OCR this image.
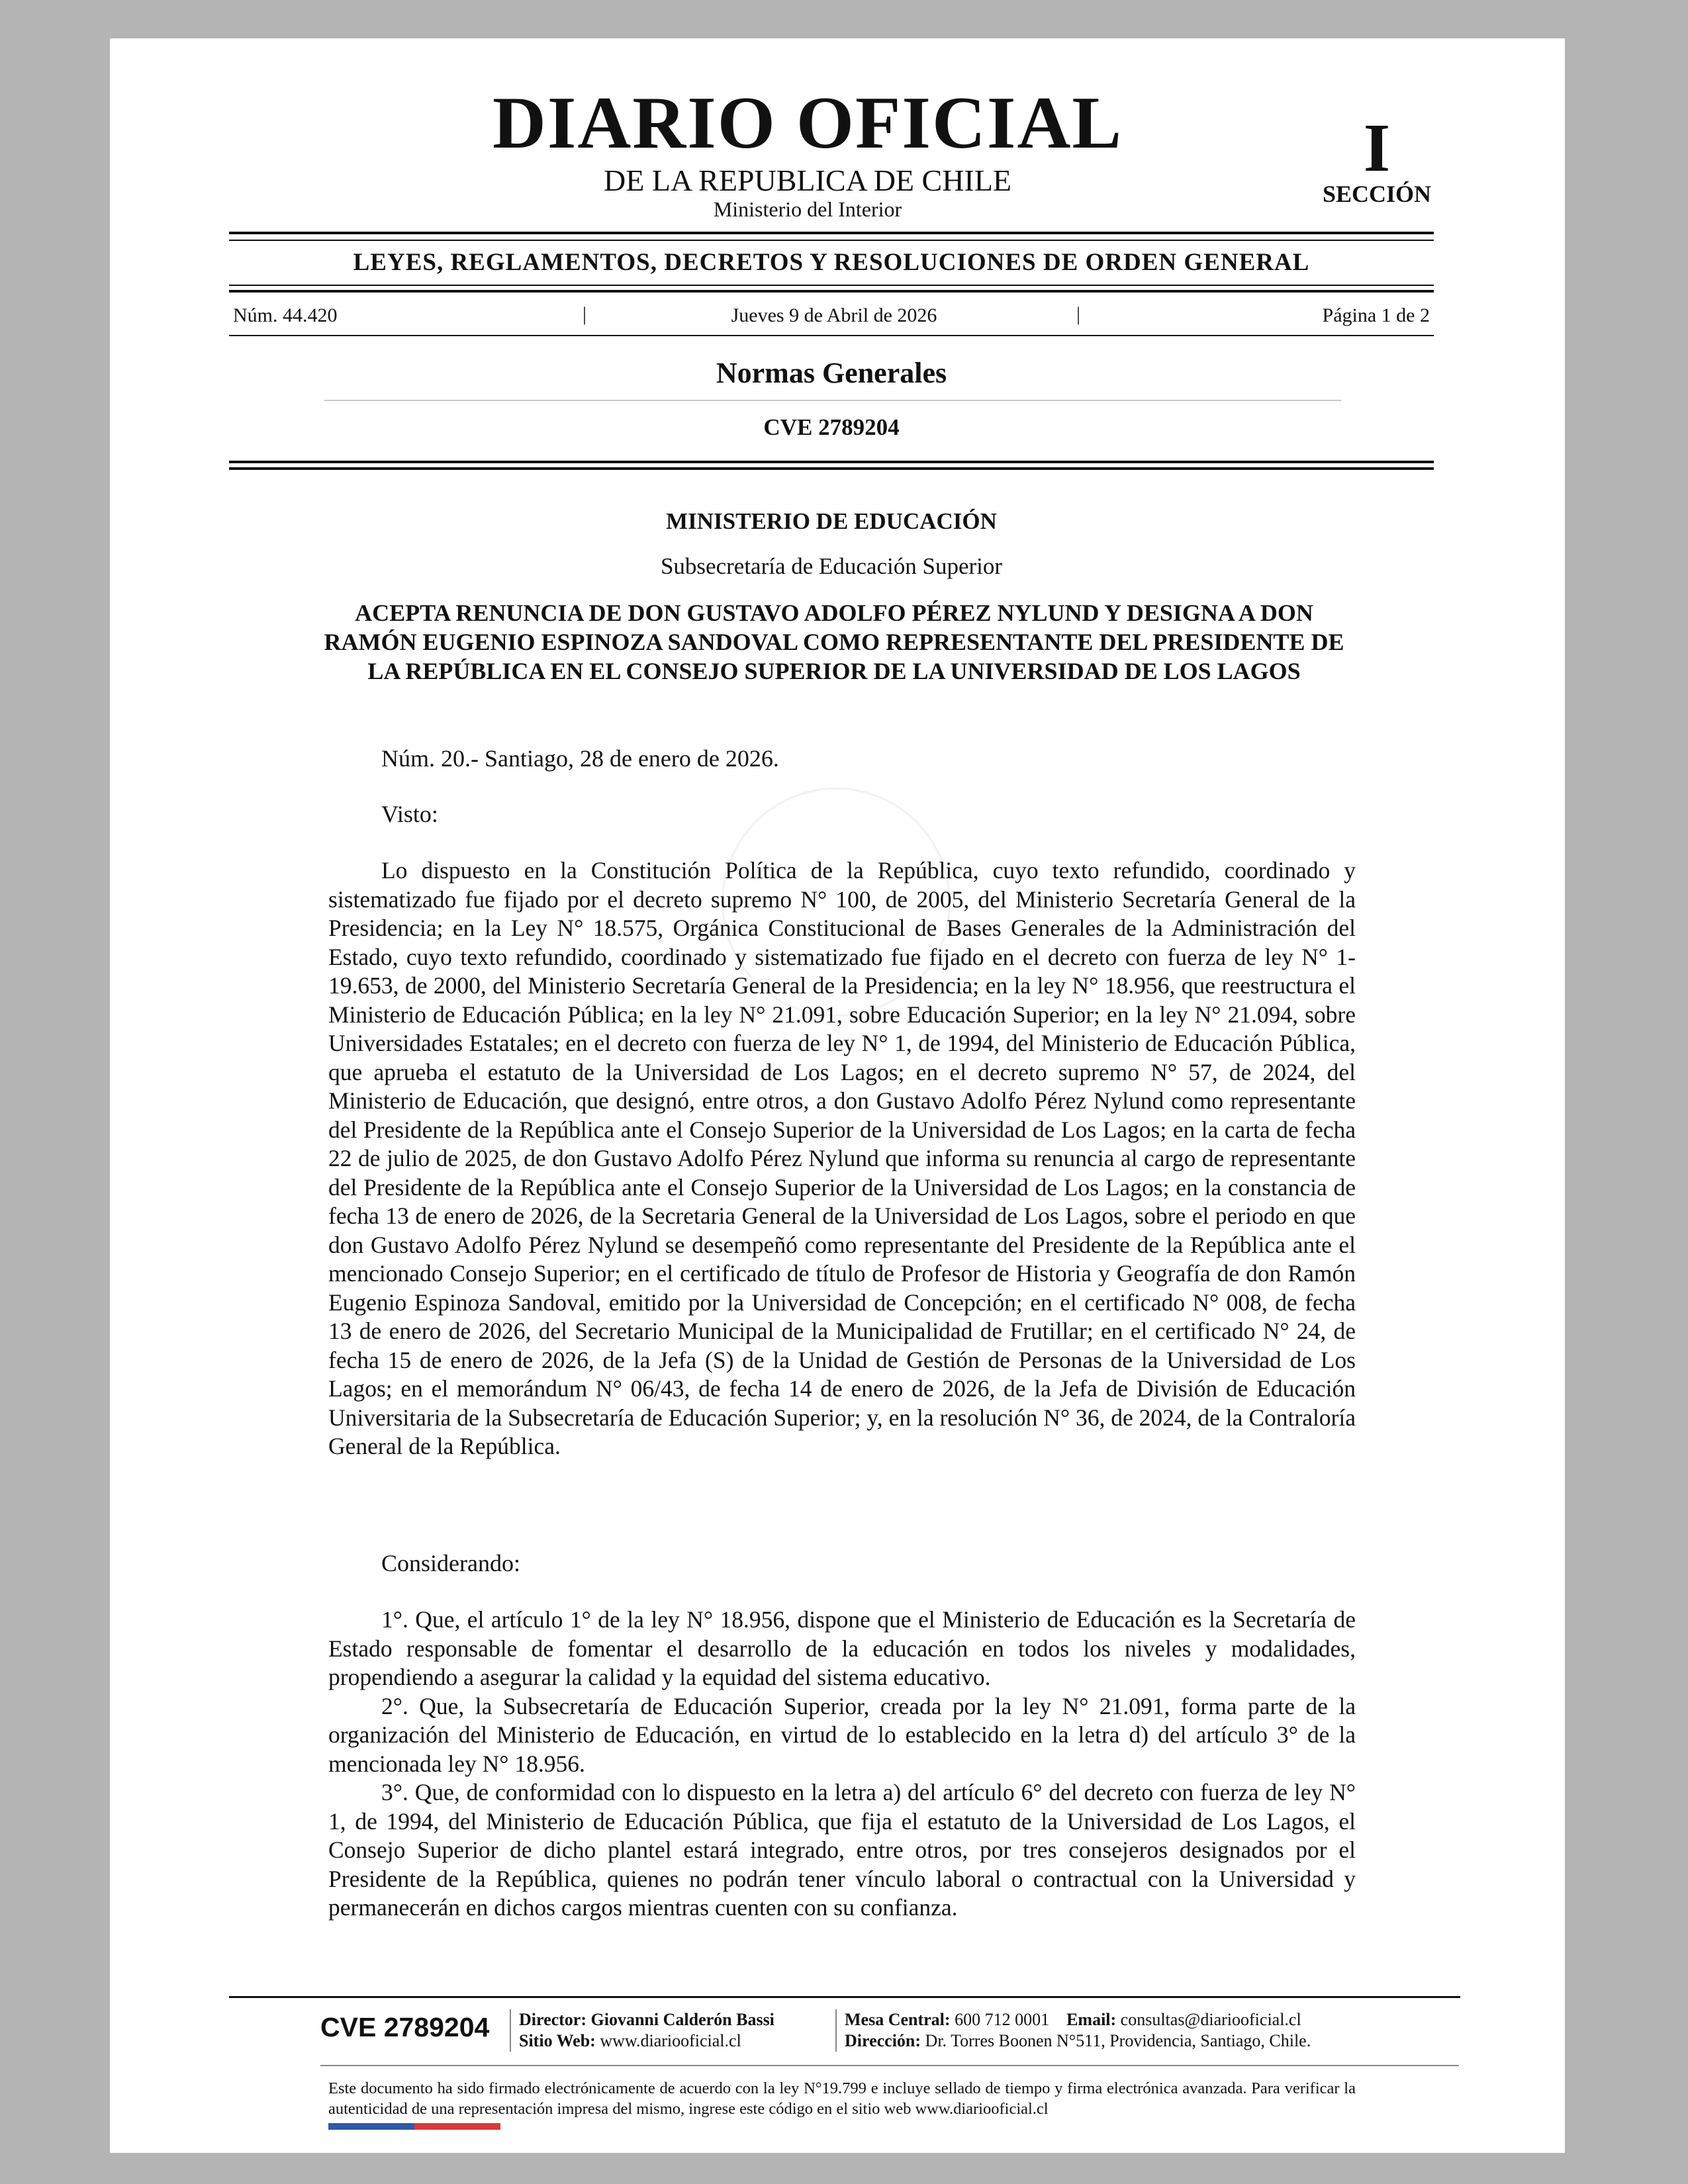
DIARIO OFICIAL
DE LA REPUBLICA DE CHILE
Ministerio del Interior
I
SECCIÓN
LEYES, REGLAMENTOS, DECRETOS Y RESOLUCIONES DE ORDEN GENERAL
Núm. 44.420	|	Jueves 9 de Abril de 2026	|	Página 1 de 2
Normas Generales
CVE 2789204
MINISTERIO DE EDUCACIÓN
Subsecretaría de Educación Superior
ACEPTA RENUNCIA DE DON GUSTAVO ADOLFO PÉREZ NYLUND Y DESIGNA A DON RAMÓN EUGENIO ESPINOZA SANDOVAL COMO REPRESENTANTE DEL PRESIDENTE DE LA REPÚBLICA EN EL CONSEJO SUPERIOR DE LA UNIVERSIDAD DE LOS LAGOS
Núm. 20.- Santiago, 28 de enero de 2026.
Visto:
Lo dispuesto en la Constitución Política de la República, cuyo texto refundido, coordinado y sistematizado fue fijado por el decreto supremo N° 100, de 2005, del Ministerio Secretaría General de la Presidencia; en la Ley N° 18.575, Orgánica Constitucional de Bases Generales de la Administración del Estado, cuyo texto refundido, coordinado y sistematizado fue fijado en el decreto con fuerza de ley N° 1-19.653, de 2000, del Ministerio Secretaría General de la Presidencia; en la ley N° 18.956, que reestructura el Ministerio de Educación Pública; en la ley N° 21.091, sobre Educación Superior; en la ley N° 21.094, sobre Universidades Estatales; en el decreto con fuerza de ley N° 1, de 1994, del Ministerio de Educación Pública, que aprueba el estatuto de la Universidad de Los Lagos; en el decreto supremo N° 57, de 2024, del Ministerio de Educación, que designó, entre otros, a don Gustavo Adolfo Pérez Nylund como representante del Presidente de la República ante el Consejo Superior de la Universidad de Los Lagos; en la carta de fecha 22 de julio de 2025, de don Gustavo Adolfo Pérez Nylund que informa su renuncia al cargo de representante del Presidente de la República ante el Consejo Superior de la Universidad de Los Lagos; en la constancia de fecha 13 de enero de 2026, de la Secretaria General de la Universidad de Los Lagos, sobre el periodo en que don Gustavo Adolfo Pérez Nylund se desempeñó como representante del Presidente de la República ante el mencionado Consejo Superior; en el certificado de título de Profesor de Historia y Geografía de don Ramón Eugenio Espinoza Sandoval, emitido por la Universidad de Concepción; en el certificado N° 008, de fecha 13 de enero de 2026, del Secretario Municipal de la Municipalidad de Frutillar; en el certificado N° 24, de fecha 15 de enero de 2026, de la Jefa (S) de la Unidad de Gestión de Personas de la Universidad de Los Lagos; en el memorándum N° 06/43, de fecha 14 de enero de 2026, de la Jefa de División de Educación Universitaria de la Subsecretaría de Educación Superior; y, en la resolución N° 36, de 2024, de la Contraloría General de la República.
Considerando:

1°. Que, el artículo 1° de la ley N° 18.956, dispone que el Ministerio de Educación es la Secretaría de Estado responsable de fomentar el desarrollo de la educación en todos los niveles y modalidades, propendiendo a asegurar la calidad y la equidad del sistema educativo.

2°. Que, la Subsecretaría de Educación Superior, creada por la ley N° 21.091, forma parte de la organización del Ministerio de Educación, en virtud de lo establecido en la letra d) del artículo 3° de la mencionada ley N° 18.956.

3°. Que, de conformidad con lo dispuesto en la letra a) del artículo 6° del decreto con fuerza de ley N° 1, de 1994, del Ministerio de Educación Pública, que fija el estatuto de la Universidad de Los Lagos, el Consejo Superior de dicho plantel estará integrado, entre otros, por tres consejeros designados por el Presidente de la República, quienes no podrán tener vínculo laboral o contractual con la Universidad y permanecerán en dichos cargos mientras cuenten con su confianza.

CVE 2789204	Director: Giovanni Calderón Bassi
Sitio Web: www.diariooficial.cl
Mesa Central: 600 712 0001 Email: consultas@diariooficial.cl
Dirección: Dr. Torres Boonen N°511, Providencia, Santiago, Chile.
Este documento ha sido firmado electrónicamente de acuerdo con la ley N°19.799 e incluye sellado de tiempo y firma electrónica avanzada. Para verificar la autenticidad de una representación impresa del mismo, ingrese este código en el sitio web www.diariooficial.cl
